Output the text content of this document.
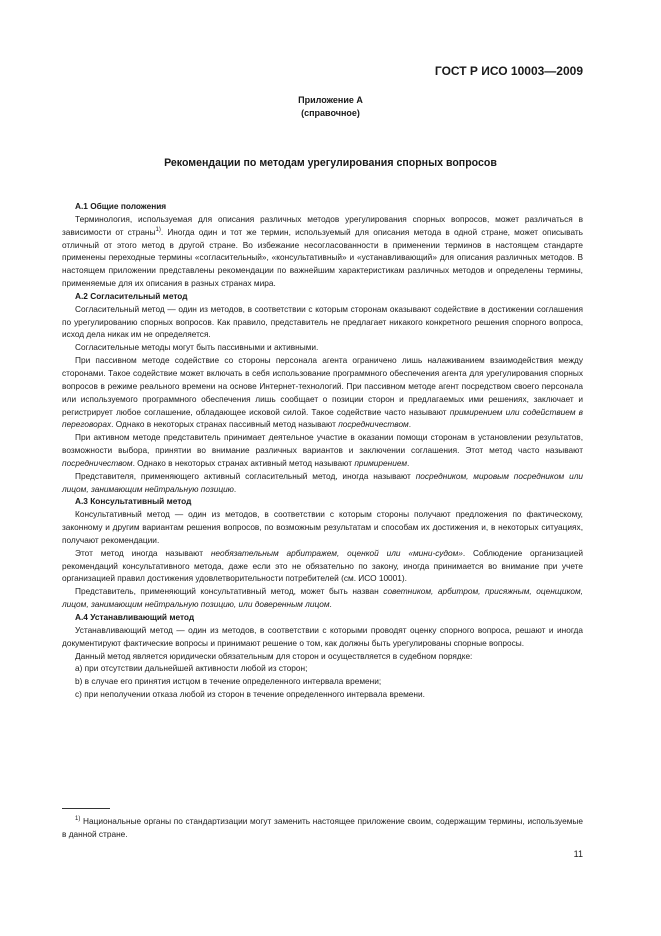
ГОСТ Р ИСО 10003—2009
Приложение А
(справочное)
Рекомендации по методам урегулирования спорных вопросов

А.1 Общие положения

Терминология, используемая для описания различных методов урегулирования спорных вопросов, может различаться в зависимости от страны$^{1)}$. Иногда один и тот же термин, используемый для описания метода в одной стране, может описывать отличный от этого метод в другой стране. Во избежание несогласованности в применении терминов в настоящем стандарте применены переходные термины «согласительный», «консультативный» и «устанавливающий» для описания различных методов. В настоящем приложении представлены рекомендации по важнейшим характеристикам различных методов и определены термины, применяемые для их описания в разных странах мира.

А.2 Согласительный метод

Согласительный метод — один из методов, в соответствии с которым сторонам оказывают содействие в достижении соглашения по урегулированию спорных вопросов. Как правило, представитель не предлагает никакого конкретного решения спорного вопроса, исход дела никак им не определяется.

Согласительные методы могут быть пассивными и активными.

При пассивном методе содействие со стороны персонала агента ограничено лишь налаживанием взаимодействия между сторонами. Такое содействие может включать в себя использование программного обеспечения агента для урегулирования спорных вопросов в режиме реального времени на основе Интернет-технологий. При пассивном методе агент посредством своего персонала или используемого программного обеспечения лишь сообщает о позиции сторон и предлагаемых ими решениях, заключает и регистрирует любое соглашение, обладающее исковой силой. Такое содействие часто называют примирением или содействием в переговорах. Однако в некоторых странах пассивный метод называют посредничеством.

При активном методе представитель принимает деятельное участие в оказании помощи сторонам в установлении результатов, возможности выбора, принятии во внимание различных вариантов и заключении соглашения. Этот метод часто называют посредничеством. Однако в некоторых странах активный метод называют примирением.

Представителя, применяющего активный согласительный метод, иногда называют посредником, мировым посредником или лицом, занимающим нейтральную позицию.

А.3 Консультативный метод

Консультативный метод — один из методов, в соответствии с которым стороны получают предложения по фактическому, законному и другим вариантам решения вопросов, по возможным результатам и способам их достижения и, в некоторых ситуациях, получают рекомендации.

Этот метод иногда называют необязательным арбитражем, оценкой или «мини-судом». Соблюдение организацией рекомендаций консультативного метода, даже если это не обязательно по закону, иногда принимается во внимание при учете организацией правил достижения удовлетворительности потребителей (см. ИСО 10001).

Представитель, применяющий консультативный метод, может быть назван советником, арбитром, присяжным, оценщиком, лицом, занимающим нейтральную позицию, или доверенным лицом.

А.4 Устанавливающий метод

Устанавливающий метод — один из методов, в соответствии с которыми проводят оценку спорного вопроса, решают и иногда документируют фактические вопросы и принимают решение о том, как должны быть урегулированы спорные вопросы.

Данный метод является юридически обязательным для сторон и осуществляется в судебном порядке:

a) при отсутствии дальнейшей активности любой из сторон;

b) в случае его принятия истцом в течение определенного интервала времени;

c) при неполучении отказа любой из сторон в течение определенного интервала времени.

$^{1)}$ Национальные органы по стандартизации могут заменить настоящее приложение своим, содержащим термины, используемые в данной стране.
11
